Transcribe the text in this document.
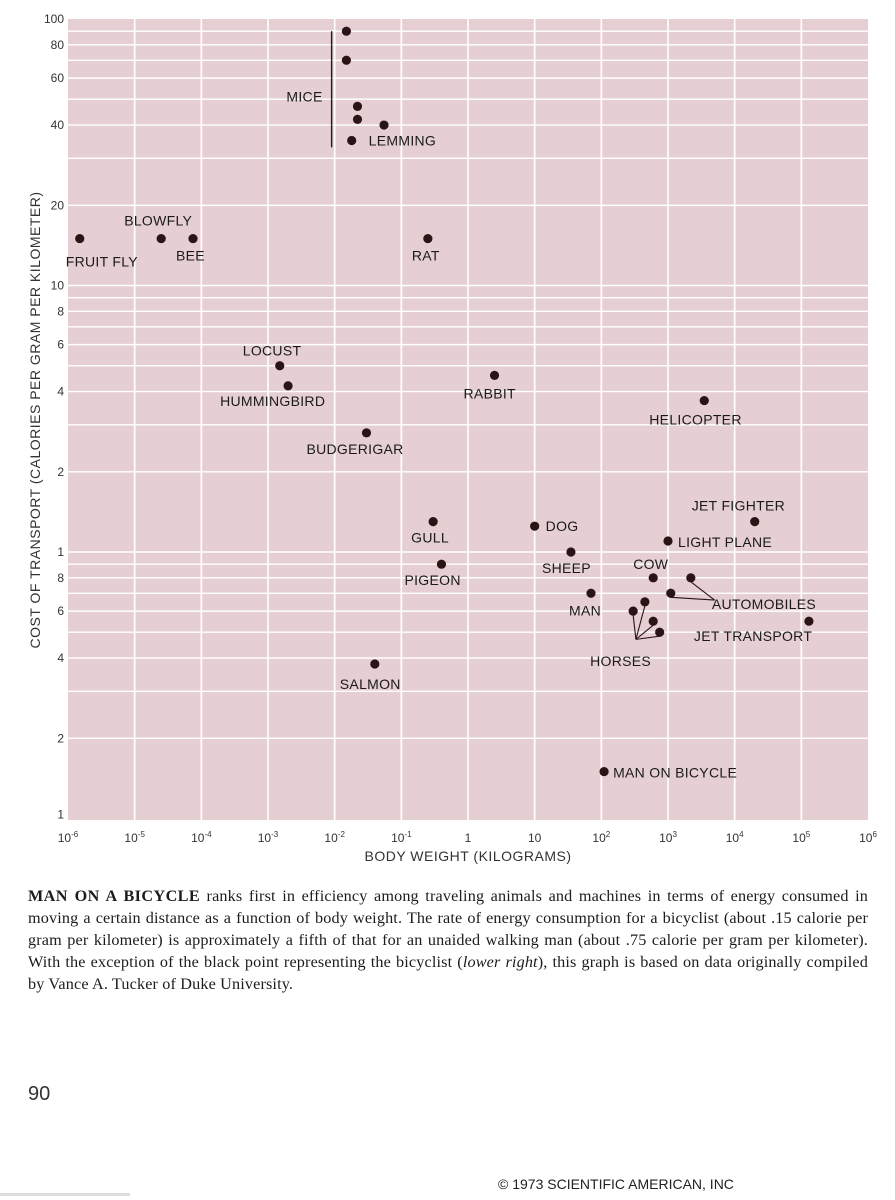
$10^{-6}$	$10^{-5}$	$10^{-4}$	$10^{-3}$	$10^{-2}$	$10^{-1}$	1	10	$10^2$	$10^3$	$10^4$	$10^5$	$10^6$
1
2
4
6
8
10
20
40
60
80
100
8
6
4
2
1
FRUIT FLY
BLOWFLY
BEE
MICE
LEMMING
RAT
LOCUST
HUMMINGBIRD	RABBIT
BUDGERIGAR
HELICOPTER
GULL
PIGEON
DOG
SHEEP
MAN
COW
JET FIGHTER
LIGHT PLANE
AUTOMOBILES
HORSES
JET TRANSPORT
SALMON
MAN ON BICYCLE
BODY WEIGHT (KILOGRAMS)
COST OF TRANSPORT (CALORIES PER GRAM PER KILOMETER)

MAN ON A BICYCLE ranks first in efficiency among traveling animals and machines in terms of energy consumed in moving a certain distance as a function of body weight. The rate of energy consumption for a bicyclist (about .15 calorie per gram per kilometer) is approximately a fifth of that for an unaided walking man (about .75 calorie per gram per kilometer). With the exception of the black point representing the bicyclist (lower right), this graph is based on data originally compiled by Vance A. Tucker of Duke University.

90
© 1973 SCIENTIFIC AMERICAN, INC
